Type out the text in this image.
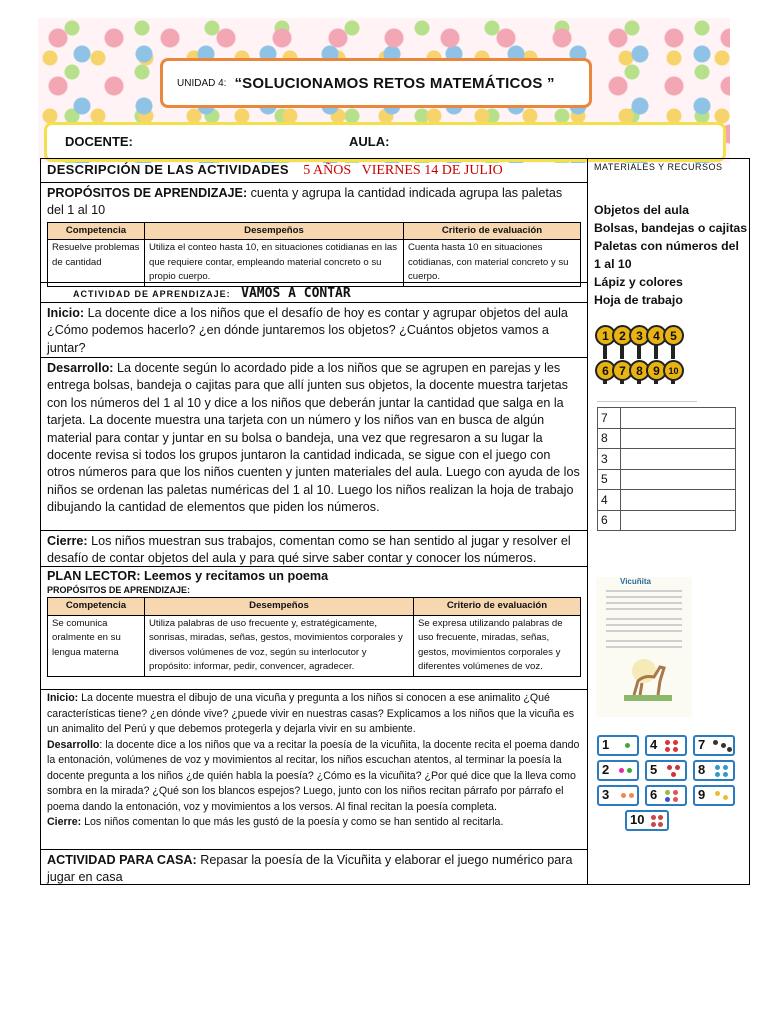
UNIDAD 4: “SOLUCIONAMOS RETOS MATEMÁTICOS ”
DOCENTE:	AULA:
DESCRIPCIÓN DE LAS ACTIVIDADES 5 AÑOS VIERNES 14 DE JULIO
PROPÓSITOS DE APRENDIZAJE: cuenta y agrupa la cantidad indicada agrupa las paletas del 1 al 10
Competencia	Desempeños	Criterio de evaluación
Resuelve problemas de cantidad	Utiliza el conteo hasta 10, en situaciones cotidianas en las que requiere contar, empleando material concreto o su propio cuerpo.	Cuenta hasta 10 en situaciones cotidianas, con material concreto y su cuerpo.
ACTIVIDAD DE APRENDIZAJE: VAMOS A CONTAR
Inicio: La docente dice a los niños que el desafío de hoy es contar y agrupar objetos del aula ¿Cómo podemos hacerlo? ¿en dónde juntaremos los objetos? ¿Cuántos objetos vamos a juntar?
Desarrollo: La docente según lo acordado pide a los niños que se agrupen en parejas y les entrega bolsas, bandeja o cajitas para que allí junten sus objetos, la docente muestra tarjetas con los números del 1 al 10 y dice a los niños que deberán juntar la cantidad que salga en la tarjeta. La docente muestra una tarjeta con un número y los niños van en busca de algún material para contar y juntar en su bolsa o bandeja, una vez que regresaron a su lugar la docente revisa si todos los grupos juntaron la cantidad indicada, se sigue con el juego con otros números para que los niños cuenten y junten materiales del aula. Luego con ayuda de los niños se ordenan las paletas numéricas del 1 al 10. Luego los niños realizan la hoja de trabajo dibujando la cantidad de elementos que piden los números.
Cierre: Los niños muestran sus trabajos, comentan como se han sentido al jugar y resolver el desafío de contar objetos del aula y para qué sirve saber contar y conocer los números.
PLAN LECTOR: Leemos y recitamos un poema
PROPÓSITOS DE APRENDIZAJE:
Competencia	Desempeños	Criterio de evaluación
Se comunica oralmente en su lengua materna	Utiliza palabras de uso frecuente y, estratégicamente, sonrisas, miradas, señas, gestos, movimientos corporales y diversos volúmenes de voz, según su interlocutor y propósito: informar, pedir, convencer, agradecer.	Se expresa utilizando palabras de uso frecuente, miradas, señas, gestos, movimientos corporales y diferentes volúmenes de voz.
Inicio: La docente muestra el dibujo de una vicuña y pregunta a los niños si conocen a ese animalito ¿Qué características tiene? ¿en dónde vive? ¿puede vivir en nuestras casas? Explicamos a los niños que la vicuña es un animalito del Perú y que debemos protegerla y dejarla vivir en su ambiente.
Desarrollo: la docente dice a los niños que va a recitar la poesía de la vicuñita, la docente recita el poema dando la entonación, volúmenes de voz y movimientos al recitar, los niños escuchan atentos, al terminar la poesía la docente pregunta a los niños ¿de quién habla la poesía? ¿Cómo es la vicuñita? ¿Por qué dice que la lleva como sombra en la mirada? ¿Qué son los blancos espejos? Luego, junto con los niños recitan párrafo por párrafo el poema dando la entonación, voz y movimientos a los versos. Al final recitan la poesía completa.
Cierre: Los niños comentan lo que más les gustó de la poesía y como se han sentido al recitarla.
ACTIVIDAD PARA CASA: Repasar la poesía de la Vicuñita y elaborar el juego numérico para jugar en casa
MATERIALES Y RECURSOS
Objetos del aula
Bolsas, bandejas o cajitas
Paletas con números del 1 al 10
Lápiz y colores
Hoja de trabajo
1 2 3 4 5
6 7 8 9 10
————————————————————
7	
8	
3	
5	
4	
6	
Vicuñita
1	4	7
2	5	8
3	6	9
10
